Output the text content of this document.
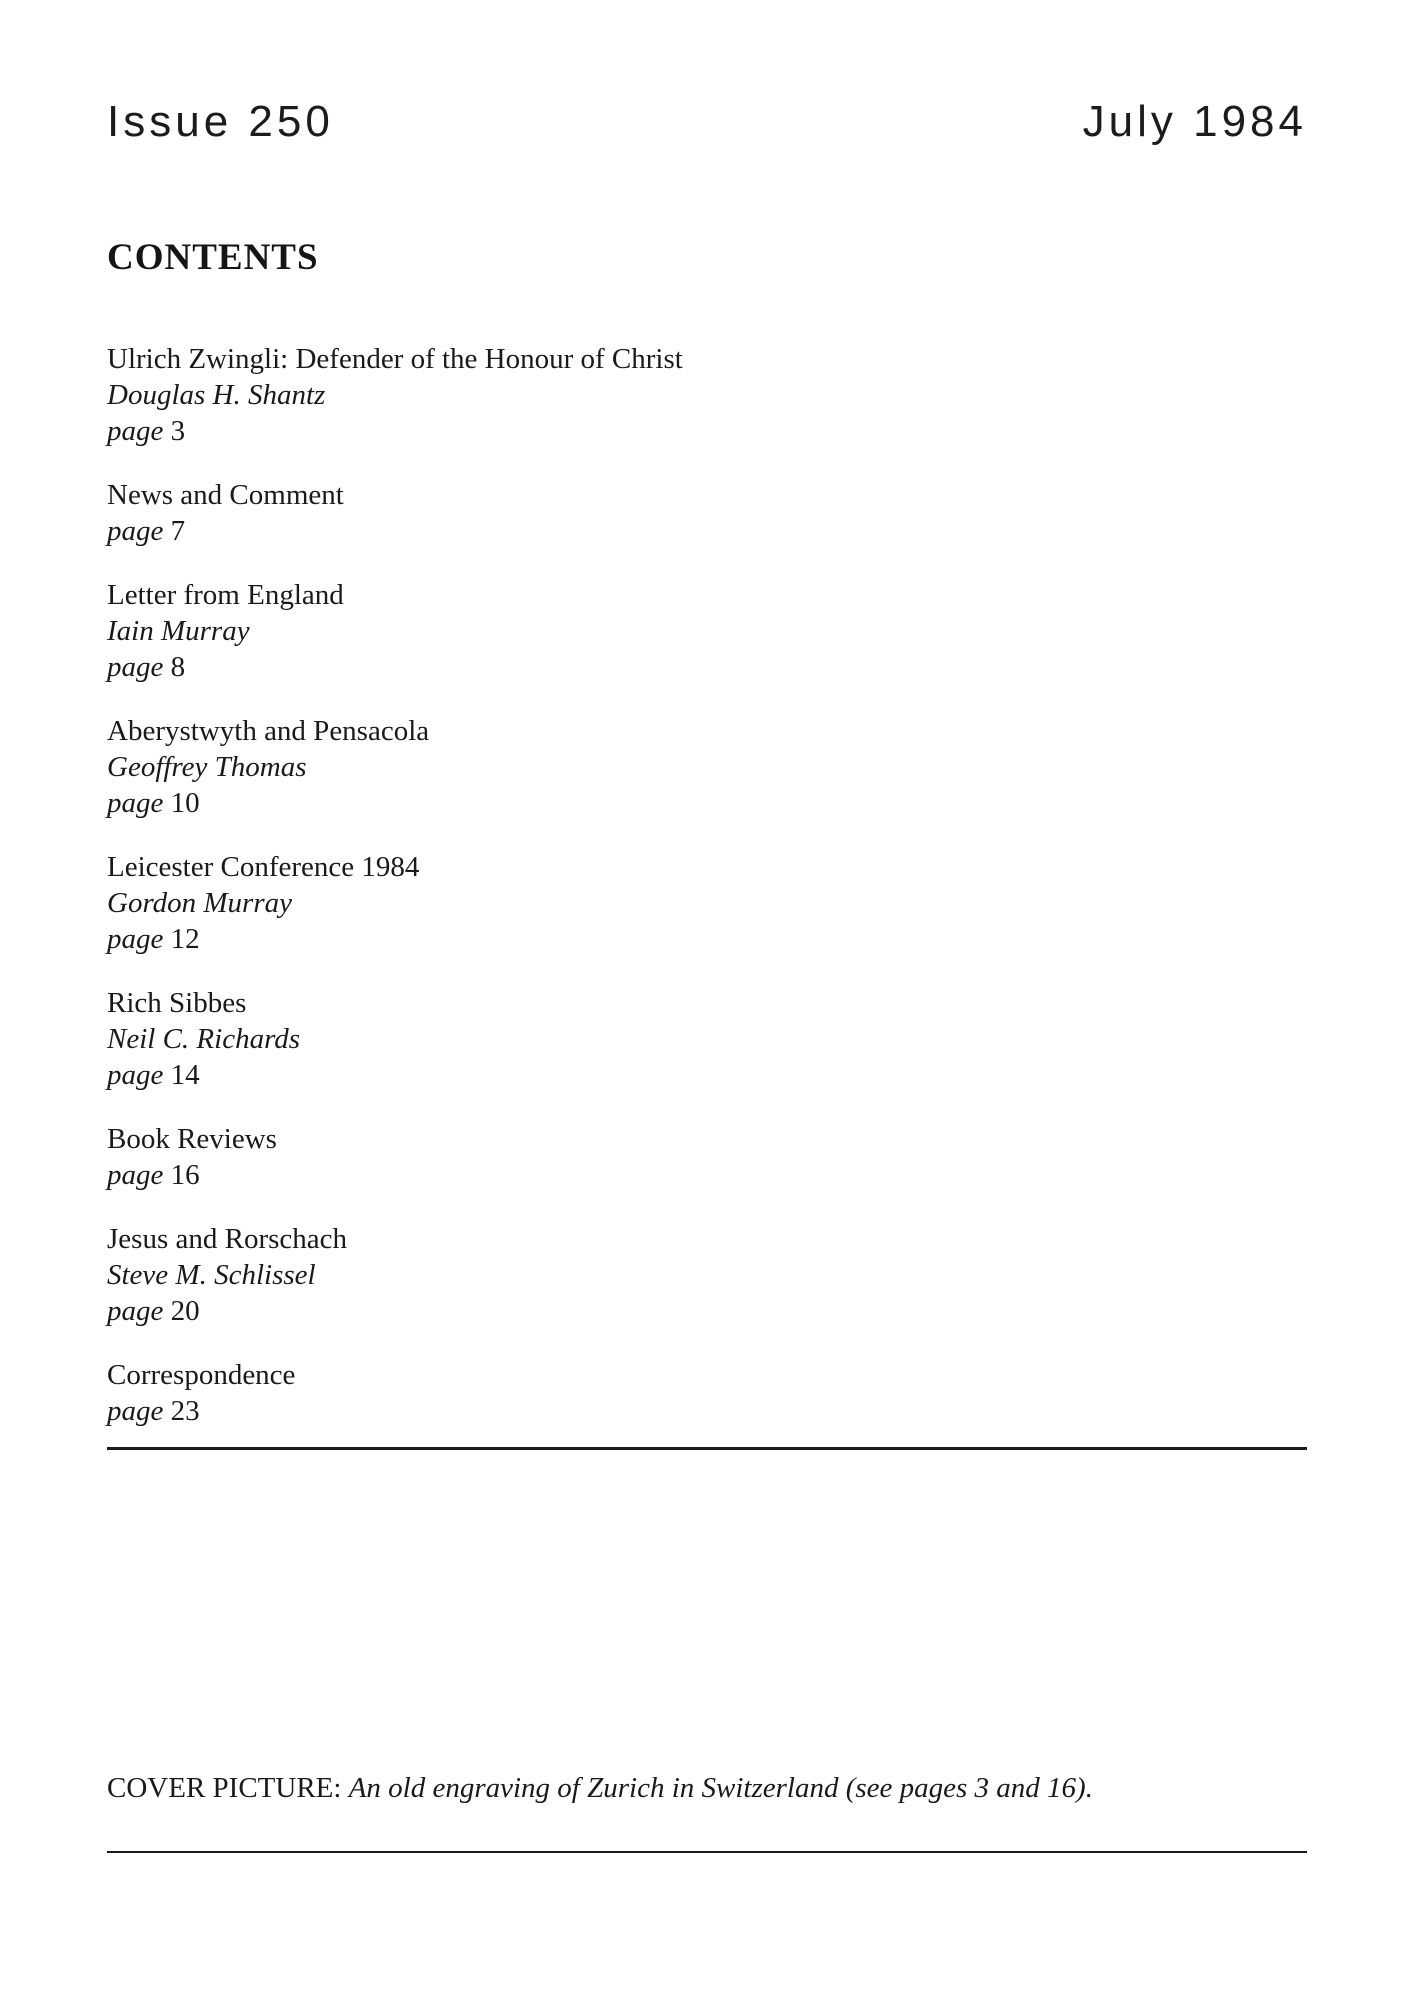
Issue 250	July 1984
CONTENTS
Ulrich Zwingli: Defender of the Honour of Christ
Douglas H. Shantz
page 3
News and Comment
page 7
Letter from England
Iain Murray
page 8
Aberystwyth and Pensacola
Geoffrey Thomas
page 10
Leicester Conference 1984
Gordon Murray
page 12
Rich Sibbes
Neil C. Richards
page 14
Book Reviews
page 16
Jesus and Rorschach
Steve M. Schlissel
page 20
Correspondence
page 23
COVER PICTURE: An old engraving of Zurich in Switzerland (see pages 3 and 16).
